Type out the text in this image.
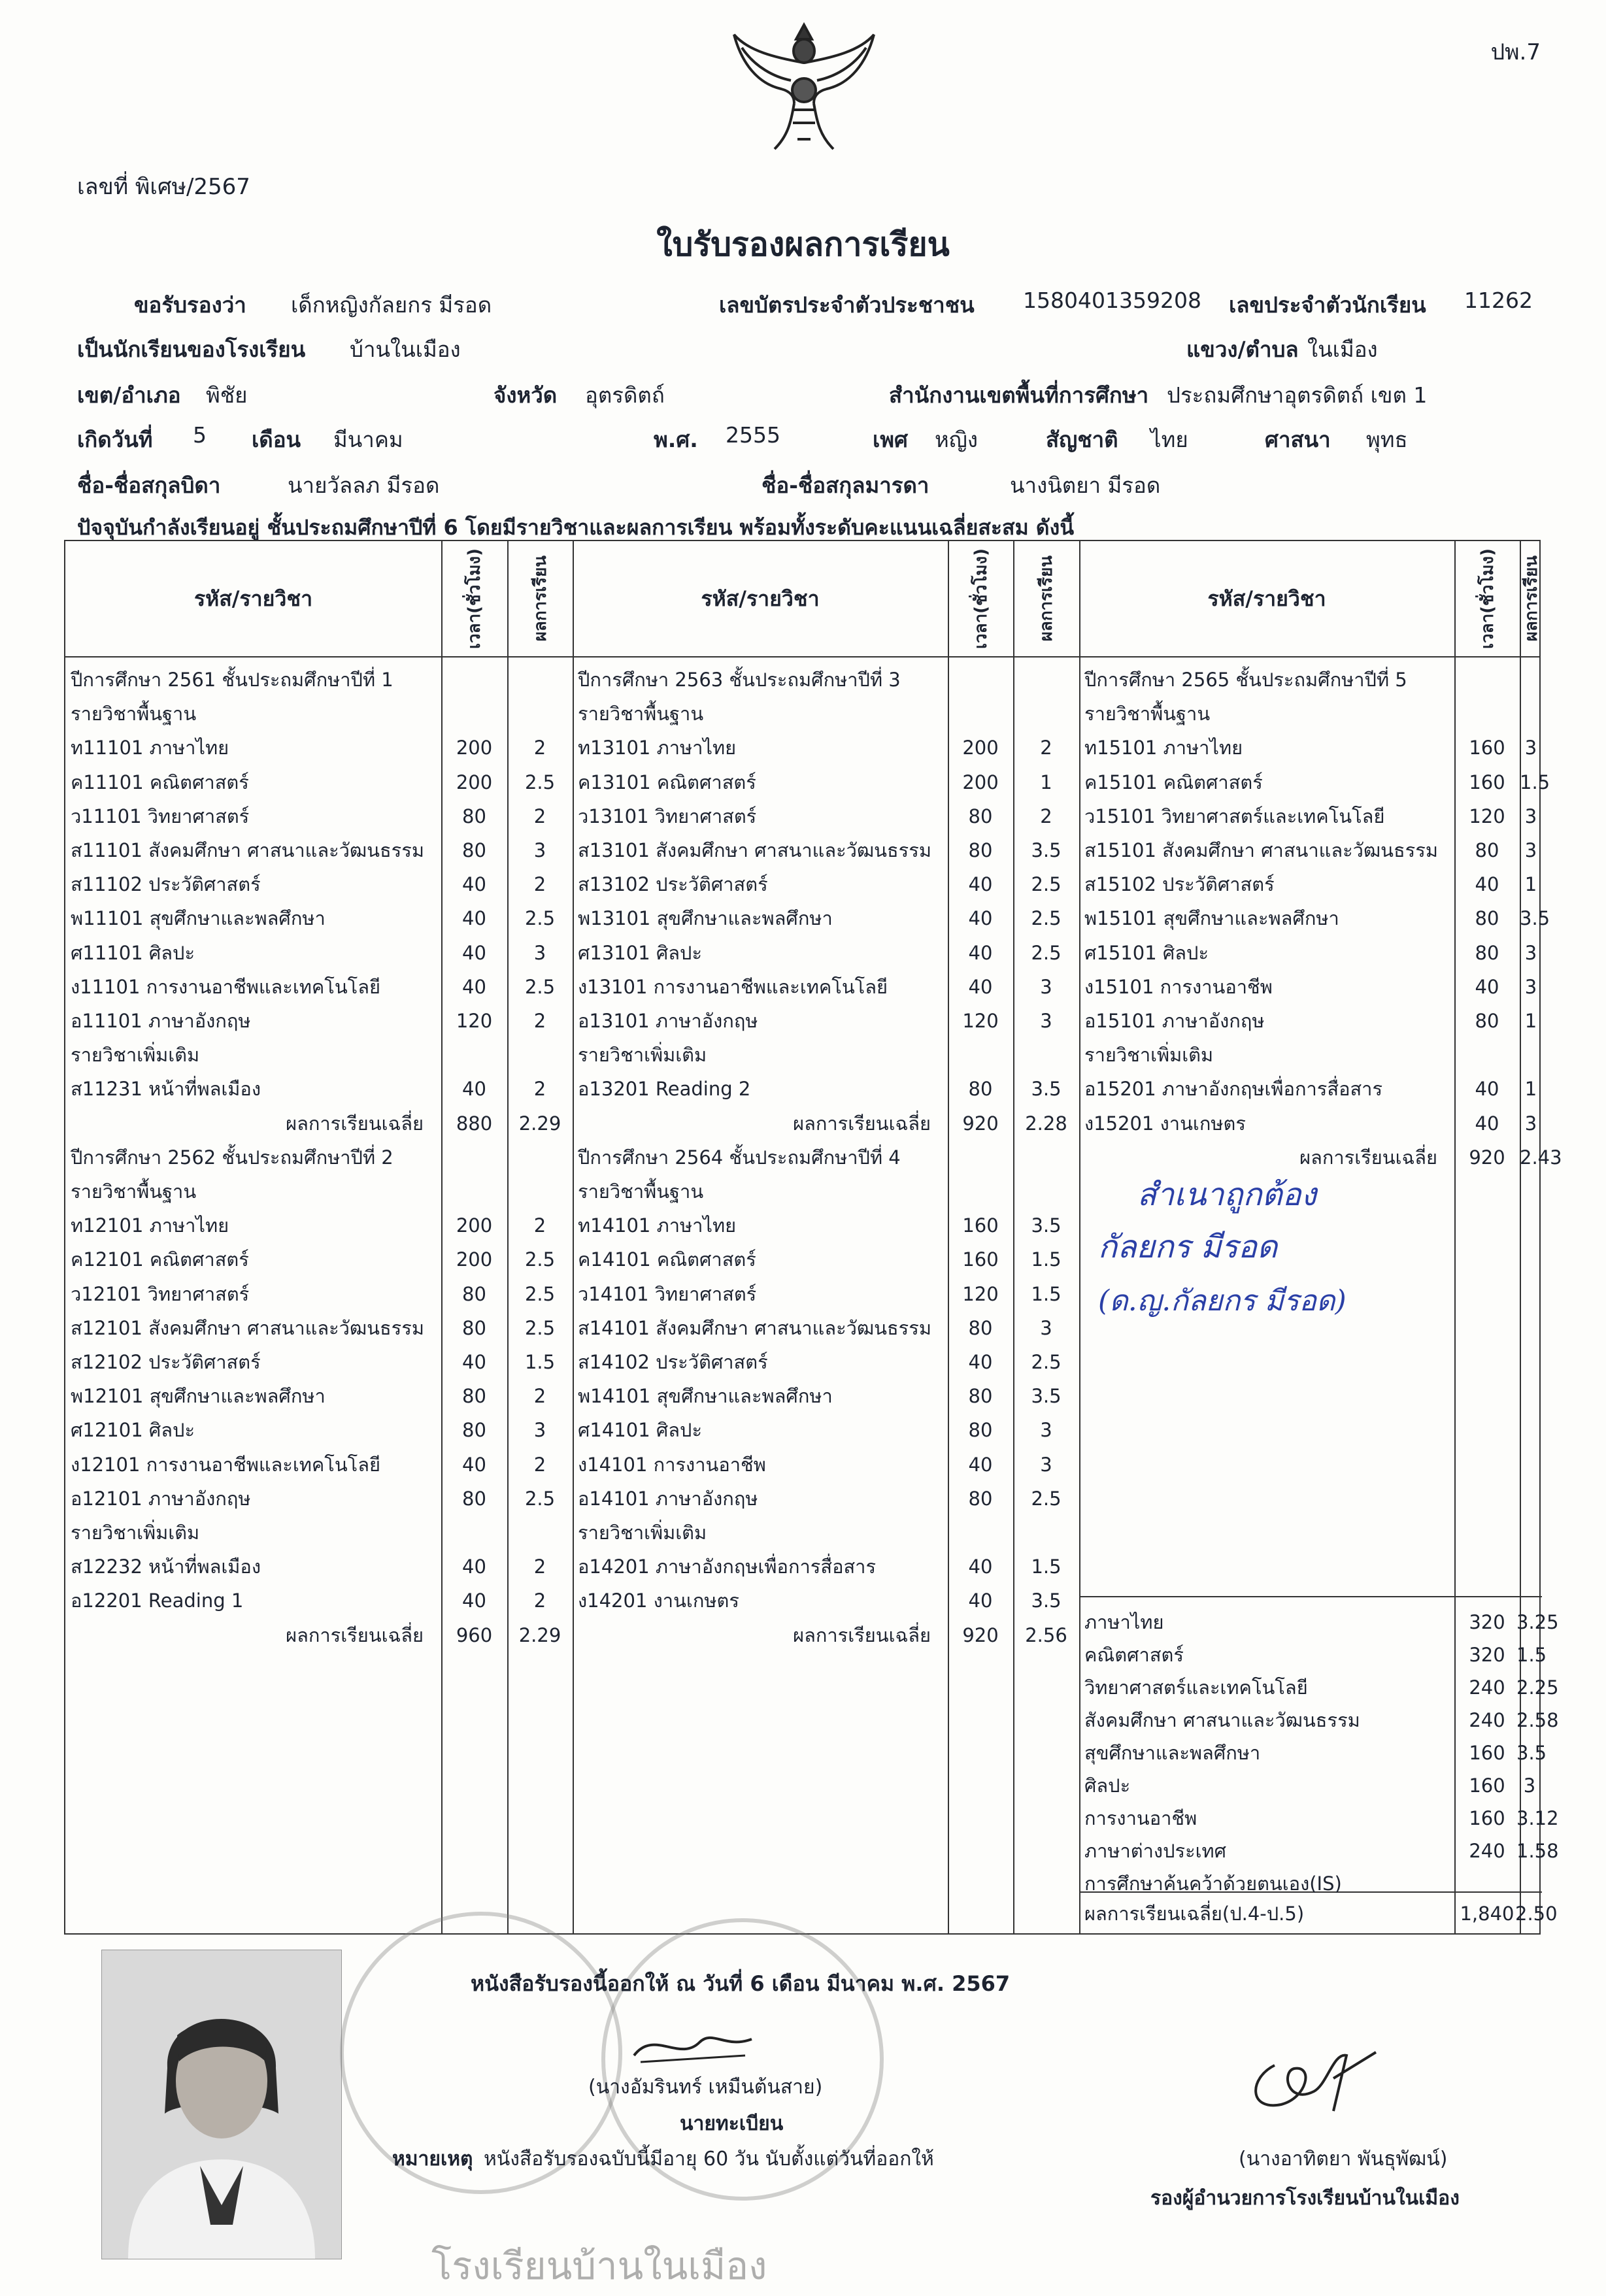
ปพ.7
เลขที่ พิเศษ/2567
ใบรับรองผลการเรียน
ขอรับรองว่า เด็กหญิงกัลยกร มีรอด	เลขบัตรประจำตัวประชาชน 1580401359208 เลขประจำตัวนักเรียน 11262
เป็นนักเรียนของโรงเรียน บ้านในเมือง	แขวง/ตำบล ในเมือง
เขต/อำเภอ พิชัย	จังหวัด อุตรดิตถ์	สำนักงานเขตพื้นที่การศึกษา ประถมศึกษาอุตรดิตถ์ เขต 1
เกิดวันที่ 5 เดือน มีนาคม	พ.ศ. 2555	เพศ หญิง	สัญชาติ ไทย	ศาสนา พุทธ
ชื่อ-ชื่อสกุลบิดา	นายวัลลภ มีรอด	ชื่อ-ชื่อสกุลมารดา	นางนิตยา มีรอด
ปัจจุบันกำลังเรียนอยู่ ชั้นประถมศึกษาปีที่ 6 โดยมีรายวิชาและผลการเรียน พร้อมทั้งระดับคะแนนเฉลี่ยสะสม ดังนี้
รหัส/รายวิชา	เวลา(ชั่วโมง)	ผลการเรียน	รหัส/รายวิชา	เวลา(ชั่วโมง)	ผลการเรียน	รหัส/รายวิชา	เวลา(ชั่วโมง) ผลการเรียน
ปีการศึกษา 2561 ชั้นประถมศึกษาปีที่ 1
รายวิชาพื้นฐาน
ท11101 ภาษาไทย	200	2
ค11101 คณิตศาสตร์	200	2.5
ว11101 วิทยาศาสตร์	80	2
ส11101 สังคมศึกษา ศาสนาและวัฒนธรรม	80	3
ส11102 ประวัติศาสตร์	40	2
พ11101 สุขศึกษาและพลศึกษา	40	2.5
ศ11101 ศิลปะ	40	3
ง11101 การงานอาชีพและเทคโนโลยี	40	2.5
อ11101 ภาษาอังกฤษ	120	2
รายวิชาเพิ่มเติม
ส11231 หน้าที่พลเมือง	40	2
ผลการเรียนเฉลี่ย	880	2.29
ปีการศึกษา 2562 ชั้นประถมศึกษาปีที่ 2
รายวิชาพื้นฐาน
ท12101 ภาษาไทย	200	2
ค12101 คณิตศาสตร์	200	2.5
ว12101 วิทยาศาสตร์	80	2.5
ส12101 สังคมศึกษา ศาสนาและวัฒนธรรม	80	2.5
ส12102 ประวัติศาสตร์	40	1.5
พ12101 สุขศึกษาและพลศึกษา	80	2
ศ12101 ศิลปะ	80	3
ง12101 การงานอาชีพและเทคโนโลยี	40	2
อ12101 ภาษาอังกฤษ	80	2.5
รายวิชาเพิ่มเติม
ส12232 หน้าที่พลเมือง	40	2
อ12201 Reading 1	40	2
ผลการเรียนเฉลี่ย	960	2.29
ปีการศึกษา 2563 ชั้นประถมศึกษาปีที่ 3
รายวิชาพื้นฐาน
ท13101 ภาษาไทย	200	2
ค13101 คณิตศาสตร์	200	1
ว13101 วิทยาศาสตร์	80	2
ส13101 สังคมศึกษา ศาสนาและวัฒนธรรม	80	3.5
ส13102 ประวัติศาสตร์	40	2.5
พ13101 สุขศึกษาและพลศึกษา	40	2.5
ศ13101 ศิลปะ	40	2.5
ง13101 การงานอาชีพและเทคโนโลยี	40	3
อ13101 ภาษาอังกฤษ	120	3
รายวิชาเพิ่มเติม
อ13201 Reading 2	80	3.5
ผลการเรียนเฉลี่ย	920	2.28
ปีการศึกษา 2564 ชั้นประถมศึกษาปีที่ 4
รายวิชาพื้นฐาน
ท14101 ภาษาไทย	160	3.5
ค14101 คณิตศาสตร์	160	1.5
ว14101 วิทยาศาสตร์	120	1.5
ส14101 สังคมศึกษา ศาสนาและวัฒนธรรม	80	3
ส14102 ประวัติศาสตร์	40	2.5
พ14101 สุขศึกษาและพลศึกษา	80	3.5
ศ14101 ศิลปะ	80	3
ง14101 การงานอาชีพ	40	3
อ14101 ภาษาอังกฤษ	80	2.5
รายวิชาเพิ่มเติม
อ14201 ภาษาอังกฤษเพื่อการสื่อสาร	40	1.5
ง14201 งานเกษตร	40	3.5
ผลการเรียนเฉลี่ย	920	2.56
ปีการศึกษา 2565 ชั้นประถมศึกษาปีที่ 5
รายวิชาพื้นฐาน
ท15101 ภาษาไทย	160	3
ค15101 คณิตศาสตร์	160 1.5
ว15101 วิทยาศาสตร์และเทคโนโลยี	120	3
ส15101 สังคมศึกษา ศาสนาและวัฒนธรรม	80	3
ส15102 ประวัติศาสตร์	40	1
พ15101 สุขศึกษาและพลศึกษา	80	3.5
ศ15101 ศิลปะ	80	3
ง15101 การงานอาชีพ	40	3
อ15101 ภาษาอังกฤษ	80	1
รายวิชาเพิ่มเติม
อ15201 ภาษาอังกฤษเพื่อการสื่อสาร	40	1
ง15201 งานเกษตร	40	3
ผลการเรียนเฉลี่ย	920 2.43
ภาษาไทย	320 3.25
คณิตศาสตร์	320 1.5
วิทยาศาสตร์และเทคโนโลยี	240 2.25
สังคมศึกษา ศาสนาและวัฒนธรรม	240 2.58
สุขศึกษาและพลศึกษา	160 3.5
ศิลปะ	160 3
การงานอาชีพ	160 3.12
ภาษาต่างประเทศ	240 1.58
การศึกษาค้นคว้าด้วยตนเอง(IS)
ผลการเรียนเฉลี่ย(ป.4-ป.5)	1,840 2.50
สำเนาถูกต้อง
กัลยกร มีรอด
(ด.ญ.กัลยกร มีรอด)
โรงเรียนบ้านในเมือง
หนังสือรับรองนี้ออกให้ ณ วันที่ 6 เดือน มีนาคม พ.ศ. 2567
(นางอัมรินทร์ เหมืนต้นสาย)
นายทะเบียน
หมายเหตุ หนังสือรับรองฉบับนี้มีอายุ 60 วัน นับตั้งแต่วันที่ออกให้	(นางอาทิตยา พันธุพัฒน์)
รองผู้อำนวยการโรงเรียนบ้านในเมือง
